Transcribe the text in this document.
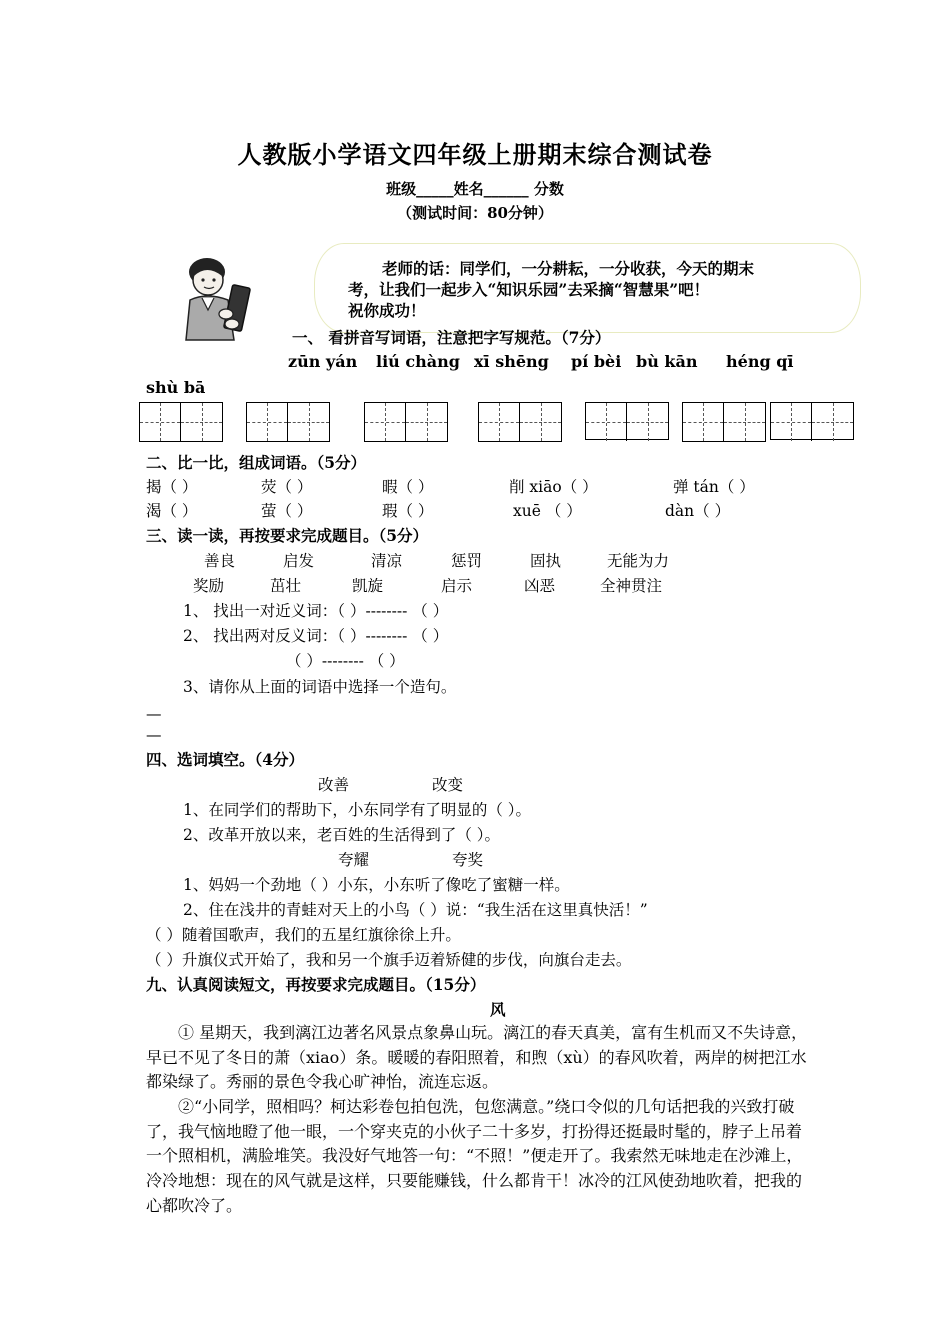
人教版小学语文四年级上册期末综合测试卷
班级_____姓名______ 分数
（测试时间：80分钟）
老师的话：同学们，一分耕耘，一分收获，今天的期末
考，让我们一起步入“知识乐园”去采摘“智慧果”吧！
祝你成功！
一、 看拼音写词语，注意把字写规范。（7分）
zūn yán liú chàng xī shēng pí bèi bù kān héng qī
shù bā
二、比一比，组成词语。（5分）
揭（ ）	荧（ ）	暇（ ）	削 xiāo（ ）	弹 tán（ ）
渴（ ）	萤（ ）	瑕（ ）	xuē （ ）	dàn（ ）
三、读一读，再按要求完成题目。（5分）
善良	启发	清凉	惩罚	固执	无能为力
奖励	茁壮	凯旋	启示	凶恶	全神贯注
1、 找出一对近义词：（ ）-------- （ ）
2、 找出两对反义词：（ ）-------- （ ）
（ ）-------- （ ）
3、请你从上面的词语中选择一个造句。
—
—
四、选词填空。（4分）
改善	改变
1、在同学们的帮助下，小东同学有了明显的（ ）。
2、改革开放以来，老百姓的生活得到了（ ）。
夸耀	夸奖
1、妈妈一个劲地（ ）小东，小东听了像吃了蜜糖一样。
2、住在浅井的青蛙对天上的小鸟（ ）说：“我生活在这里真快活！”
（ ）随着国歌声，我们的五星红旗徐徐上升。
（ ）升旗仪式开始了，我和另一个旗手迈着矫健的步伐，向旗台走去。
九、认真阅读短文，再按要求完成题目。（15分）
风
① 星期天，我到漓江边著名风景点象鼻山玩。漓江的春天真美，富有生机而又不失诗意，早已不见了冬日的萧（xiao）条。暖暖的春阳照着，和煦（xù）的春风吹着，两岸的树把江水都染绿了。秀丽的景色令我心旷神怡，流连忘返。
②“小同学，照相吗？柯达彩卷包拍包洗，包您满意。”绕口令似的几句话把我的兴致打破了，我气恼地瞪了他一眼，一个穿夹克的小伙子二十多岁，打扮得还挺最时髦的，脖子上吊着一个照相机，满脸堆笑。我没好气地答一句：“不照！”便走开了。我索然无味地走在沙滩上，冷冷地想：现在的风气就是这样，只要能赚钱，什么都肯干！冰冷的江风使劲地吹着，把我的心都吹冷了。
